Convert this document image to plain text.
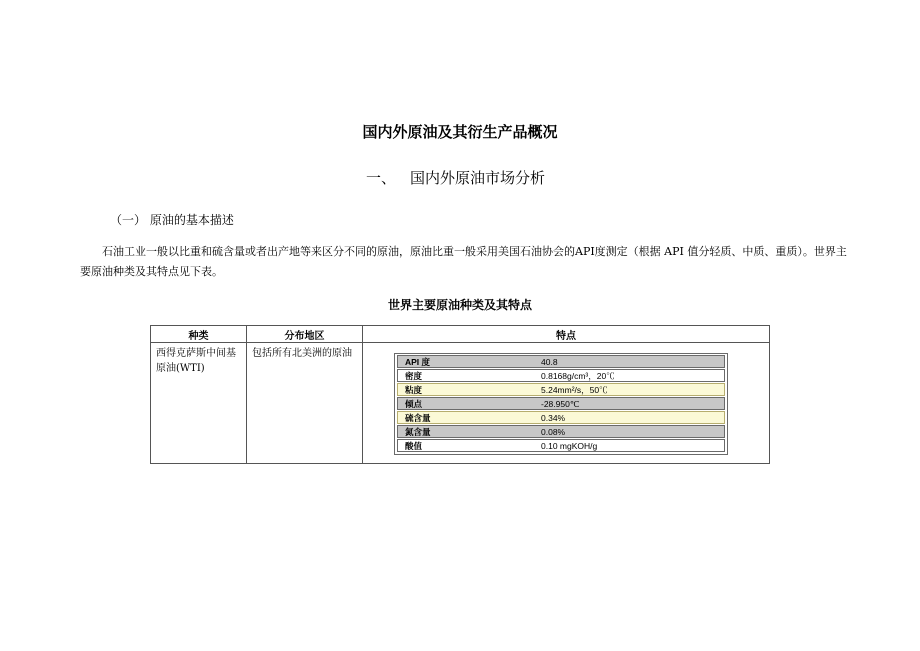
国内外原油及其衍生产品概况
一、 国内外原油市场分析
（一） 原油的基本描述
石油工业一般以比重和硫含量或者出产地等来区分不同的原油，原油比重一般采用美国石油协会的API度测定（根据 API 值分轻质、中质、重质）。世界主要原油种类及其特点见下表。
世界主要原油种类及其特点
种类	分布地区	特点
西得克萨斯中间基原油(WTI)	包括所有北美洲的原油	
API 度	40.8
密度	0.8168g/cm³，20℃
粘度	5.24mm²/s，50℃
倾点	-28.950℃
硫含量	0.34%
氮含量	0.08%
酸值	0.10 mgKOH/g
